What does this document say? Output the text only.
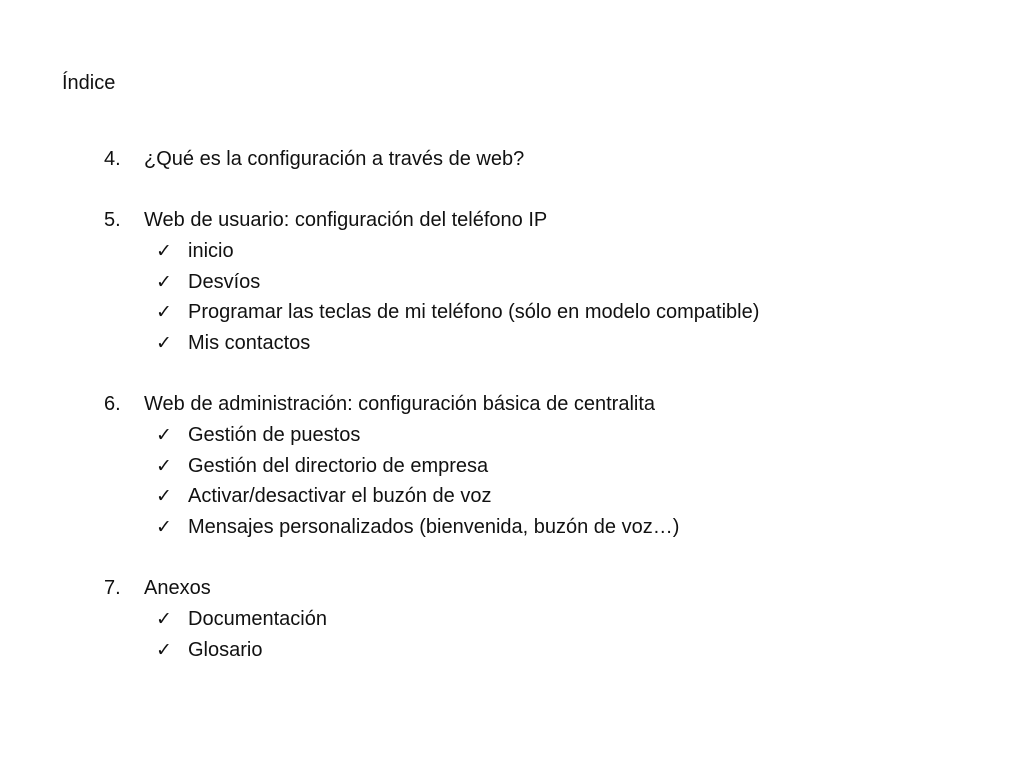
Índice
4.	¿Qué es la configuración a través de web?
5.	Web de usuario: configuración del teléfono IP
✓ inicio
✓ Desvíos
✓ Programar las teclas de mi teléfono (sólo en modelo compatible)
✓ Mis contactos
6.	Web de administración: configuración básica de centralita
✓ Gestión de puestos
✓ Gestión del directorio de empresa
✓ Activar/desactivar el buzón de voz
✓ Mensajes personalizados (bienvenida, buzón de voz…)
7.	Anexos
✓ Documentación
✓ Glosario
